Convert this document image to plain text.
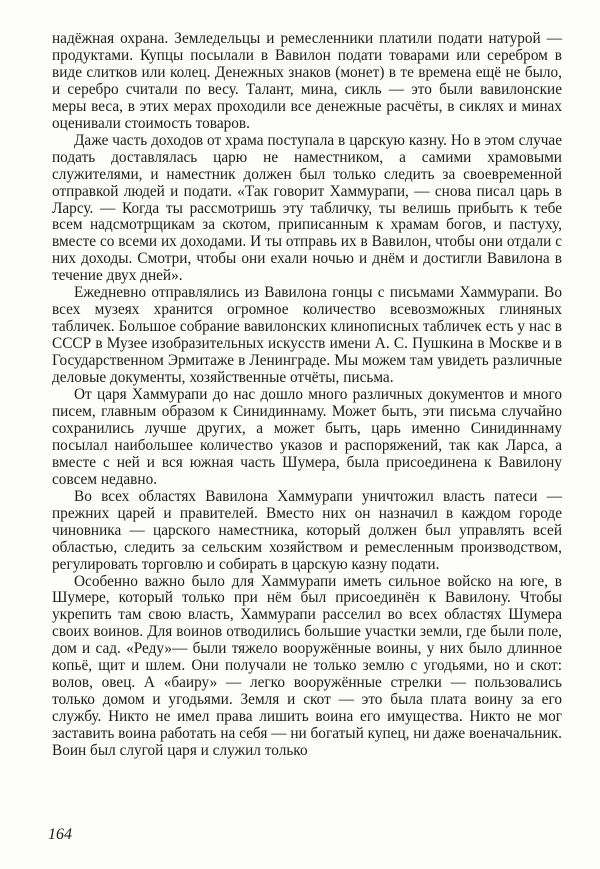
надёжная охрана. Земледельцы и ремесленники платили подати натурой — продуктами. Купцы посылали в Вавилон подати товарами или серебром в виде слитков или колец. Денежных знаков (монет) в те времена ещё не было, и серебро считали по весу. Талант, мина, сикль — это были вавилонские меры веса, в этих мерах проходили все денежные расчёты, в сиклях и минах оценивали стоимость товаров.

Даже часть доходов от храма поступала в царскую казну. Но в этом случае подать доставлялась царю не наместником, а самими храмовыми служителями, и наместник должен был только следить за своевременной отправкой людей и подати. «Так говорит Хаммурапи, — снова писал царь в Ларсу. — Когда ты рассмотришь эту табличку, ты велишь прибыть к тебе всем надсмотрщикам за скотом, приписанным к храмам богов, и пастуху, вместе со всеми их доходами. И ты отправь их в Вавилон, чтобы они отдали с них доходы. Смотри, чтобы они ехали ночью и днём и достигли Вавилона в течение двух дней».

Ежедневно отправлялись из Вавилона гонцы с письмами Хаммурапи. Во всех музеях хранится огромное количество всевозможных глиняных табличек. Большое собрание вавилонских клинописных табличек есть у нас в СССР в Музее изобразительных искусств имени А. С. Пушкина в Москве и в Государственном Эрмитаже в Ленинграде. Мы можем там увидеть различные деловые документы, хозяйственные отчёты, письма.

От царя Хаммурапи до нас дошло много различных документов и много писем, главным образом к Синидиннаму. Может быть, эти письма случайно сохранились лучше других, а может быть, царь именно Синидиннаму посылал наибольшее количество указов и распоряжений, так как Ларса, а вместе с ней и вся южная часть Шумера, была присоединена к Вавилону совсем недавно.

Во всех областях Вавилона Хаммурапи уничтожил власть патеси — прежних царей и правителей. Вместо них он назначил в каждом городе чиновника — царского наместника, который должен был управлять всей областью, следить за сельским хозяйством и ремесленным производством, регулировать торговлю и собирать в царскую казну подати.

Особенно важно было для Хаммурапи иметь сильное войско на юге, в Шумере, который только при нём был присоединён к Вавилону. Чтобы укрепить там свою власть, Хаммурапи расселил во всех областях Шумера своих воинов. Для воинов отводились большие участки земли, где были поле, дом и сад. «Реду»— были тяжело вооружённые воины, у них было длинное копьё, щит и шлем. Они получали не только землю с угодьями, но и скот: волов, овец. А «баиру» — легко вооружённые стрелки — пользовались только домом и угодьями. Земля и скот — это была плата воину за его службу. Никто не имел права лишить воина его имущества. Никто не мог заставить воина работать на себя — ни богатый купец, ни даже военачальник. Воин был слугой царя и служил только

164
